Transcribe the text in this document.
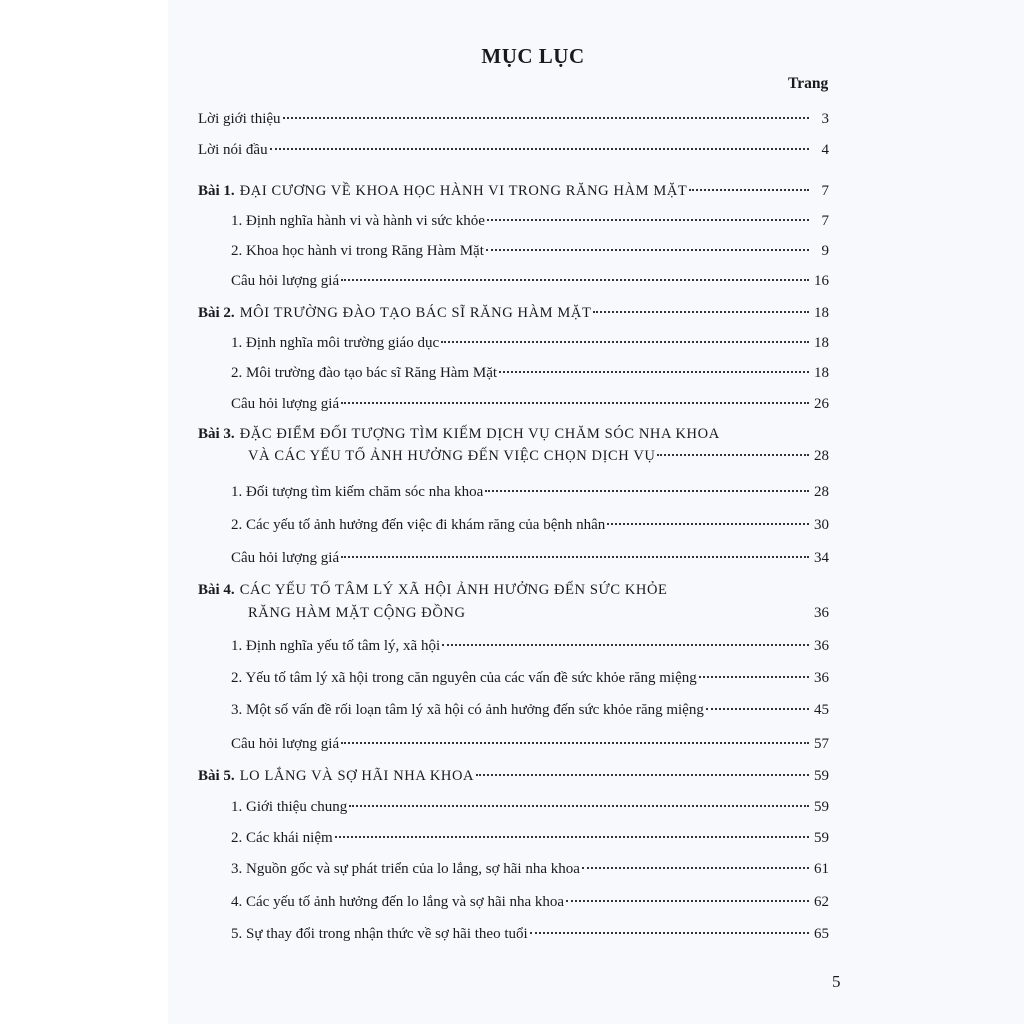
MỤC LỤC
Trang
Lời giới thiệu	3
Lời nói đầu	4
Bài 1. ĐẠI CƯƠNG VỀ KHOA HỌC HÀNH VI TRONG RĂNG HÀM MẶT	7
1. Định nghĩa hành vi và hành vi sức khỏe	7
2. Khoa học hành vi trong Răng Hàm Mặt	9
Câu hỏi lượng giá	16
Bài 2. MÔI TRƯỜNG ĐÀO TẠO BÁC SĨ RĂNG HÀM MẶT	18
1. Định nghĩa môi trường giáo dục	18
2. Môi trường đào tạo bác sĩ Răng Hàm Mặt	18
Câu hỏi lượng giá	26
Bài 3. ĐẶC ĐIỂM ĐỐI TƯỢNG TÌM KIẾM DỊCH VỤ CHĂM SÓC NHA KHOA
VÀ CÁC YẾU TỐ ẢNH HƯỞNG ĐẾN VIỆC CHỌN DỊCH VỤ	28
1. Đối tượng tìm kiếm chăm sóc nha khoa	28
2. Các yếu tố ảnh hưởng đến việc đi khám răng của bệnh nhân	30
Câu hỏi lượng giá	34
Bài 4. CÁC YẾU TỐ TÂM LÝ XÃ HỘI ẢNH HƯỞNG ĐẾN SỨC KHỎE
RĂNG HÀM MẶT CỘNG ĐỒNG	36
1. Định nghĩa yếu tố tâm lý, xã hội	36
2. Yếu tố tâm lý xã hội trong căn nguyên của các vấn đề sức khỏe răng miệng	36
3. Một số vấn đề rối loạn tâm lý xã hội có ảnh hưởng đến sức khỏe răng miệng	45
Câu hỏi lượng giá	57
Bài 5. LO LẮNG VÀ SỢ HÃI NHA KHOA	59
1. Giới thiệu chung	59
2. Các khái niệm	59
3. Nguồn gốc và sự phát triển của lo lắng, sợ hãi nha khoa	61
4. Các yếu tố ảnh hưởng đến lo lắng và sợ hãi nha khoa	62
5. Sự thay đổi trong nhận thức về sợ hãi theo tuổi	65
5
